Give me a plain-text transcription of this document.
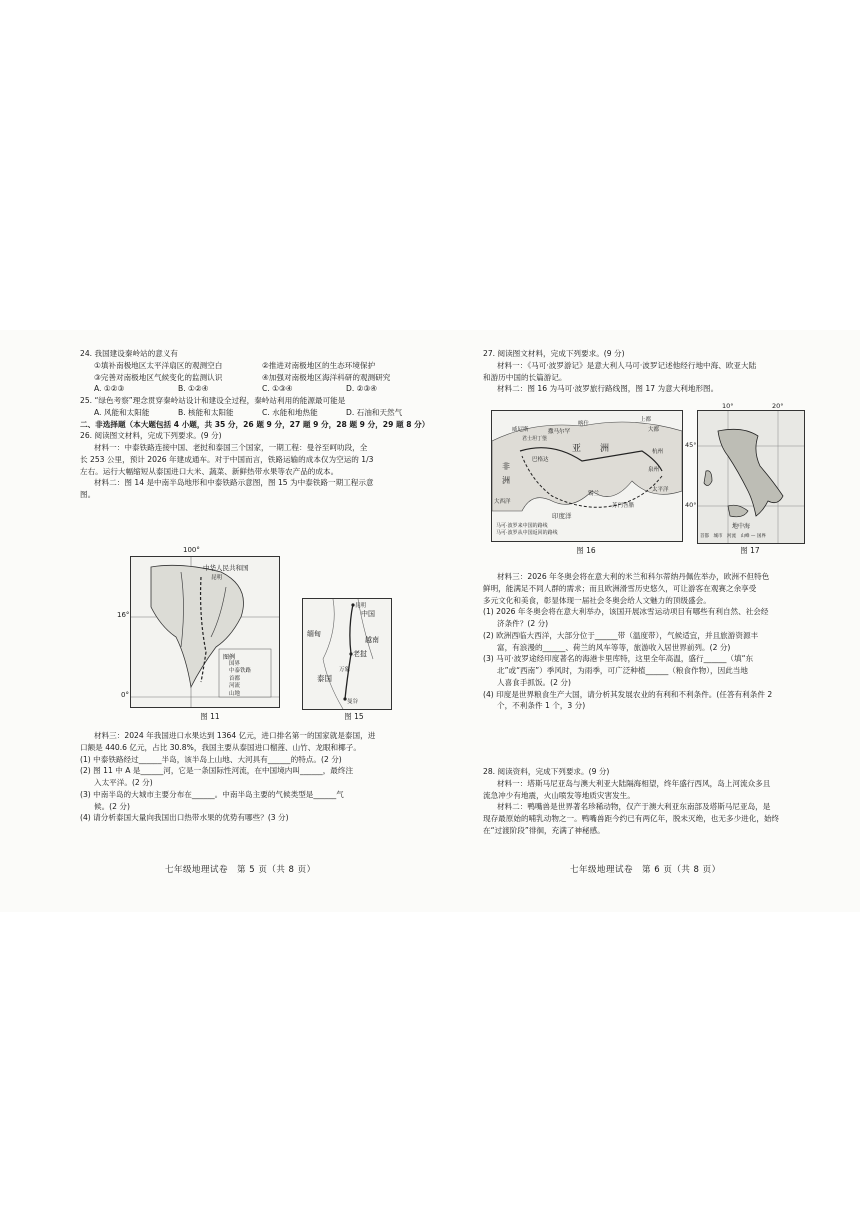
24. 我国建设秦岭站的意义有
①填补南极地区太平洋扇区的观测空白	②推进对南极地区的生态环境保护
③完善对南极地区气候变化的监测认识	④加强对南极地区海洋科研的观测研究
A. ①②③	B. ①②④	C. ①③④	D. ②③④
25. “绿色考察”理念贯穿秦岭站设计和建设全过程，秦岭站利用的能源最可能是
A. 风能和太阳能	B. 核能和太阳能	C. 水能和地热能	D. 石油和天然气
二、非选择题（本大题包括 4 小题，共 35 分，26 题 9 分，27 题 9 分，28 题 9 分，29 题 8 分）
26. 阅读图文材料，完成下列要求。(9 分)
材料一：中泰铁路连接中国、老挝和泰国三个国家，一期工程：曼谷至呵叻段，全
长 253 公里，预计 2026 年建成通车。对于中国而言，铁路运输的成本仅为空运的 1/3
左右。运行大幅缩短从泰国进口大米、蔬菜、新鲜热带水果等农产品的成本。
材料二：图 14 是中南半岛地形和中泰铁路示意图，图 15 为中泰铁路一期工程示意
图。
图例
100°
16°
0°
中华人民共和国
昆明
国界
中泰铁路
首都
河流
山地
图 11
昆明
中国
缅甸
越南
老挝
万象
泰国
曼谷
图 15
材料三：2024 年我国进口水果达到 1364 亿元，进口排名第一的国家就是泰国，进
口额是 440.6 亿元，占比 30.8%，我国主要从泰国进口榴莲、山竹、龙眼和椰子。
(1) 中泰铁路经过______半岛，该半岛上山地、大河具有______的特点。(2 分)
(2) 图 11 中 A 是______河，它是一条国际性河流，在中国境内叫______，最终注
入太平洋。(2 分)
(3) 中南半岛的大城市主要分布在______。中南半岛主要的气候类型是______气
候。(2 分)
(4) 请分析泰国大量向我国出口热带水果的优势有哪些？(3 分)
七年级地理试卷　第 5 页（共 8 页）
27. 阅读图文材料，完成下列要求。(9 分)
材料一：《马可·波罗游记》是意大利人马可·波罗记述他经行地中海、欧亚大陆
和游历中国的长篇游记。
材料二：图 16 为马可·波罗旅行路线图，图 17 为意大利地形图。
威尼斯
亚 洲
非
洲
印度洋
大西洋
太平洋
撒马尔罕
喀什
上都
大都
泉州
杭州
苏门答腊
锡兰
君士坦丁堡
巴格达
马可·波罗来中国的路线
马可·波罗从中国返回的路线
图 16
45°
40°
10°	20°
地中海
首都　城市　河流　山峰 — 国界
图 17
材料三：2026 年冬奥会将在意大利的米兰和科尔蒂纳丹佩佐举办，欧洲不但特色
鲜明，能满足不同人群的需求；而且欧洲滑雪历史悠久，可让游客在观赛之余享受
多元文化和美食，彰显体现一届社会冬奥会给人文魅力的顶级盛会。
(1) 2026 年冬奥会将在意大利举办，该国开展冰雪运动项目有哪些有利自然、社会经
济条件？(2 分)
(2) 欧洲西临大西洋，大部分位于______带（温度带），气候适宜，并且旅游资源丰
富，有浪漫的______、荷兰的风车等等，旅游收入居世界前列。(2 分)
(3) 马可·波罗途经印度著名的海港卡里库特，这里全年高温，盛行______（填“东
北”或“西南”）季风时，为雨季，可广泛种植______（粮食作物），因此当地
人喜食手抓饭。(2 分)
(4) 印度是世界粮食生产大国，请分析其发展农业的有利和不利条件。(任答有利条件 2
个，不利条件 1 个，3 分)
28. 阅读资料，完成下列要求。(9 分)
材料一：塔斯马尼亚岛与澳大利亚大陆隔海相望，终年盛行西风，岛上河流众多且
流急冲少有地震，火山喷发等地质灾害发生。
材料二：鸭嘴兽是世界著名珍稀动物，仅产于澳大利亚东南部及塔斯马尼亚岛，是
现存最原始的哺乳动物之一。鸭嘴兽距今约已有两亿年，脱未灭绝，也无多少进化，始终
在“过渡阶段”徘徊，充满了神秘感。
七年级地理试卷　第 6 页（共 8 页）
